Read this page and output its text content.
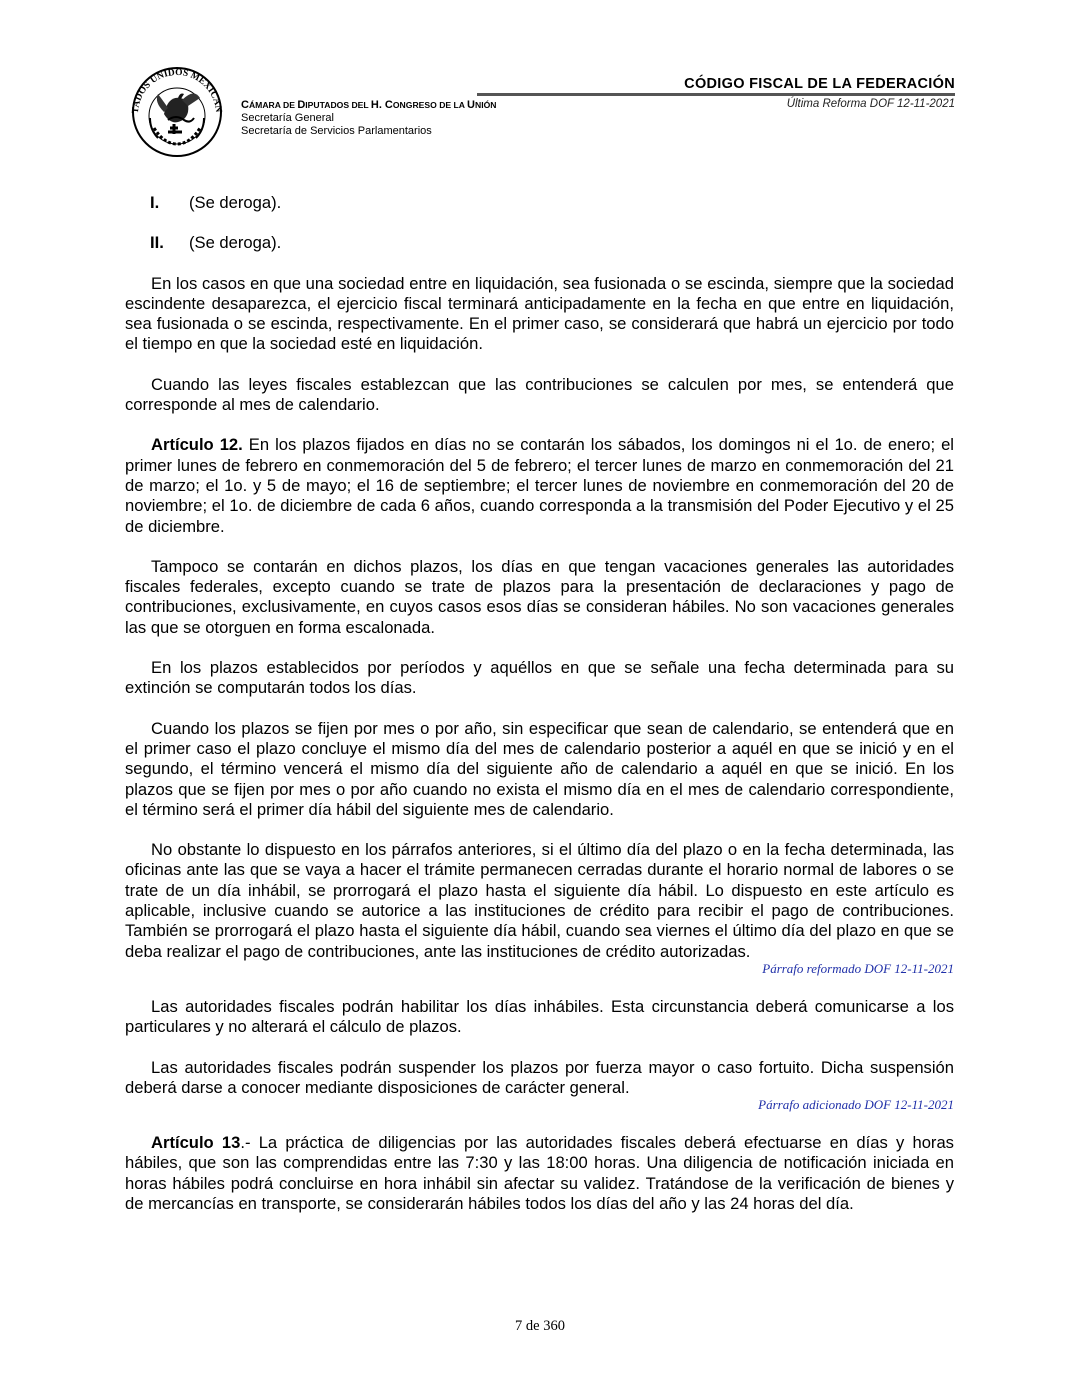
TADOS UNIDOS MEXICAN CÁMARA DE DIPUTADOS DEL H. CONGRESO DE LA UNIÓN
Secretaría General
Secretaría de Servicios Parlamentarios
CÓDIGO FISCAL DE LA FEDERACIÓN
Última Reforma DOF 12-11-2021
I.	(Se deroga).
II.	(Se deroga).

En los casos en que una sociedad entre en liquidación, sea fusionada o se escinda, siempre que la sociedad escindente desaparezca, el ejercicio fiscal terminará anticipadamente en la fecha en que entre en liquidación, sea fusionada o se escinda, respectivamente. En el primer caso, se considerará que habrá un ejercicio por todo el tiempo en que la sociedad esté en liquidación.

Cuando las leyes fiscales establezcan que las contribuciones se calculen por mes, se entenderá que corresponde al mes de calendario.

Artículo 12. En los plazos fijados en días no se contarán los sábados, los domingos ni el 1o. de enero; el primer lunes de febrero en conmemoración del 5 de febrero; el tercer lunes de marzo en conmemoración del 21 de marzo; el 1o. y 5 de mayo; el 16 de septiembre; el tercer lunes de noviembre en conmemoración del 20 de noviembre; el 1o. de diciembre de cada 6 años, cuando corresponda a la transmisión del Poder Ejecutivo y el 25 de diciembre.

Tampoco se contarán en dichos plazos, los días en que tengan vacaciones generales las autoridades fiscales federales, excepto cuando se trate de plazos para la presentación de declaraciones y pago de contribuciones, exclusivamente, en cuyos casos esos días se consideran hábiles. No son vacaciones generales las que se otorguen en forma escalonada.

En los plazos establecidos por períodos y aquéllos en que se señale una fecha determinada para su extinción se computarán todos los días.

Cuando los plazos se fijen por mes o por año, sin especificar que sean de calendario, se entenderá que en el primer caso el plazo concluye el mismo día del mes de calendario posterior a aquél en que se inició y en el segundo, el término vencerá el mismo día del siguiente año de calendario a aquél en que se inició. En los plazos que se fijen por mes o por año cuando no exista el mismo día en el mes de calendario correspondiente, el término será el primer día hábil del siguiente mes de calendario.

No obstante lo dispuesto en los párrafos anteriores, si el último día del plazo o en la fecha determinada, las oficinas ante las que se vaya a hacer el trámite permanecen cerradas durante el horario normal de labores o se trate de un día inhábil, se prorrogará el plazo hasta el siguiente día hábil. Lo dispuesto en este artículo es aplicable, inclusive cuando se autorice a las instituciones de crédito para recibir el pago de contribuciones. También se prorrogará el plazo hasta el siguiente día hábil, cuando sea viernes el último día del plazo en que se deba realizar el pago de contribuciones, ante las instituciones de crédito autorizadas.

Párrafo reformado DOF 12-11-2021

Las autoridades fiscales podrán habilitar los días inhábiles. Esta circunstancia deberá comunicarse a los particulares y no alterará el cálculo de plazos.

Las autoridades fiscales podrán suspender los plazos por fuerza mayor o caso fortuito. Dicha suspensión deberá darse a conocer mediante disposiciones de carácter general.

Párrafo adicionado DOF 12-11-2021

Artículo 13.- La práctica de diligencias por las autoridades fiscales deberá efectuarse en días y horas hábiles, que son las comprendidas entre las 7:30 y las 18:00 horas. Una diligencia de notificación iniciada en horas hábiles podrá concluirse en hora inhábil sin afectar su validez. Tratándose de la verificación de bienes y de mercancías en transporte, se considerarán hábiles todos los días del año y las 24 horas del día.

7 de 360
